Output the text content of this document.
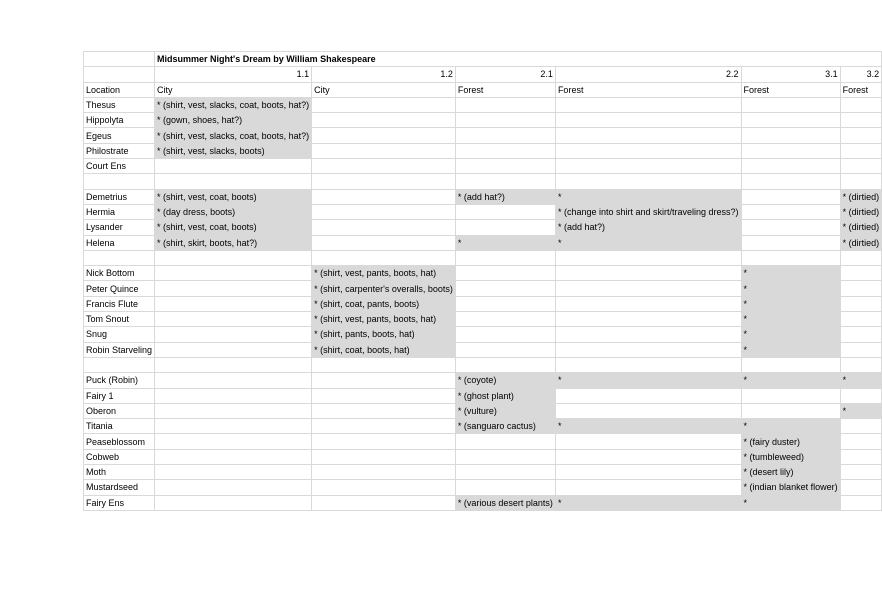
	Midsummer Night's Dream by William Shakespeare					
	1.1	1.2	2.1	2.2	3.1	3.2
Location	City	City	Forest	Forest	Forest	Forest
Thesus	* (shirt, vest, slacks, coat, boots, hat?)					
Hippolyta	* (gown, shoes, hat?)					
Egeus	* (shirt, vest, slacks, coat, boots, hat?)					
Philostrate	* (shirt, vest, slacks, boots)					
Court Ens						

Demetrius	* (shirt, vest, coat, boots)		* (add hat?)	*		* (dirtied)
Hermia	* (day dress, boots)			* (change into shirt and skirt/traveling dress?)		* (dirtied)
Lysander	* (shirt, vest, coat, boots)			* (add hat?)		* (dirtied)
Helena	* (shirt, skirt, boots, hat?)		*	*		* (dirtied)

Nick Bottom		* (shirt, vest, pants, boots, hat)			*	
Peter Quince		* (shirt, carpenter's overalls, boots)			*	
Francis Flute		* (shirt, coat, pants, boots)			*	
Tom Snout		* (shirt, vest, pants, boots, hat)			*	
Snug		* (shirt, pants, boots, hat)			*	
Robin Starveling		* (shirt, coat, boots, hat)			*	

Puck (Robin)			* (coyote)	*	*	*
Fairy 1			* (ghost plant)			
Oberon			* (vulture)			*
Titania			* (sanguaro cactus)	*	*	
Peaseblossom					* (fairy duster)	
Cobweb					* (tumbleweed)	
Moth					* (desert lily)	
Mustardseed					* (indian blanket flower)	
Fairy Ens			* (various desert plants)	*	*	
